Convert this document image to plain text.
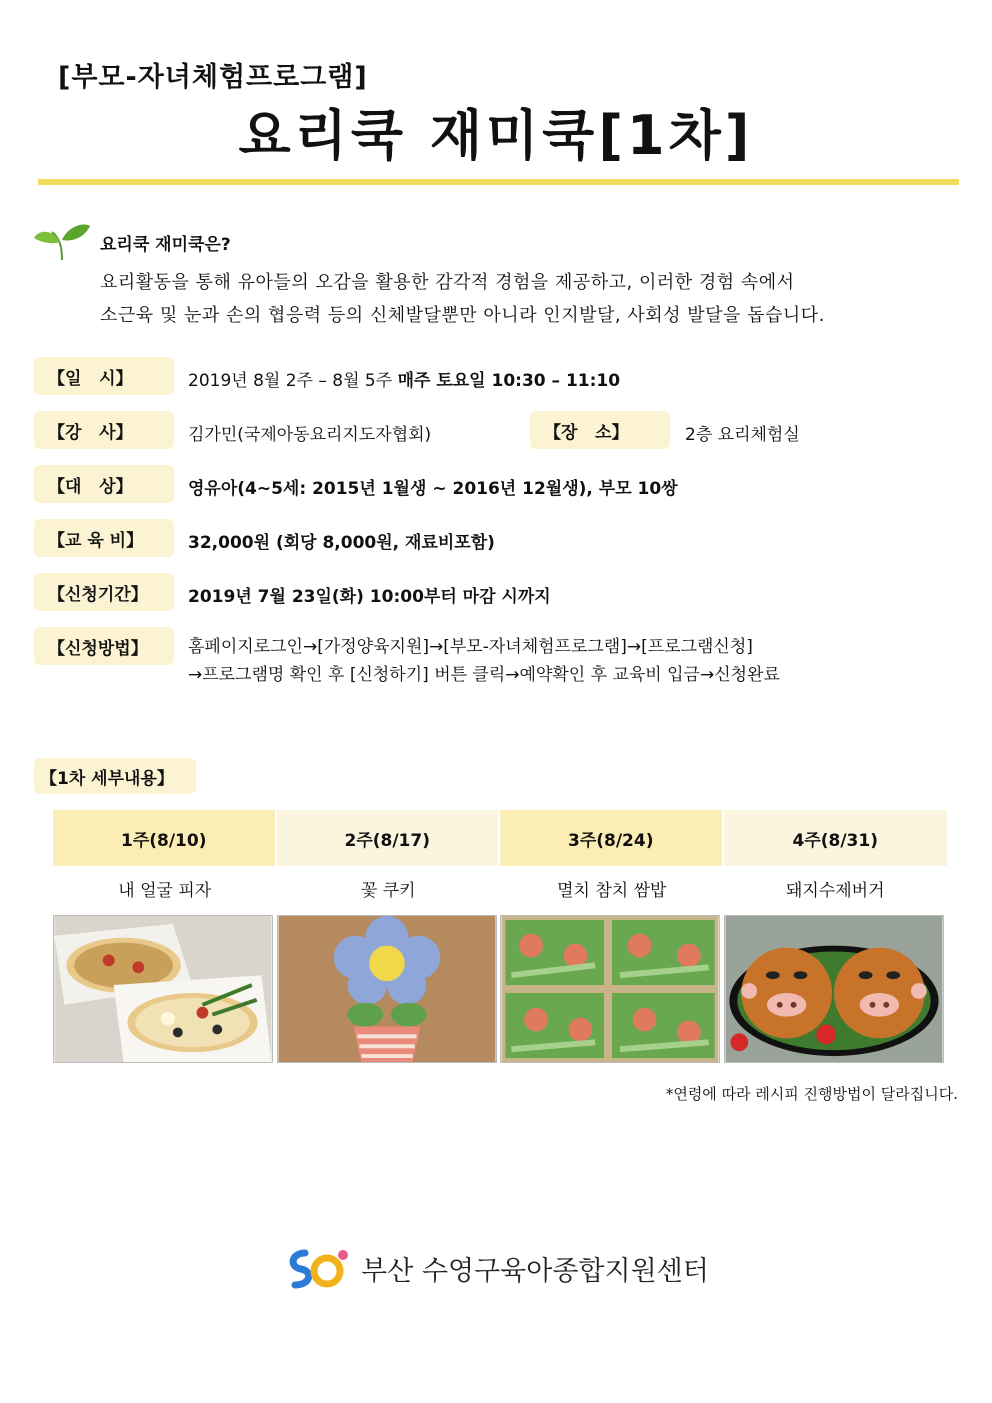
[부모-자녀체험프로그램]
요리쿡 재미쿡[1차]
요리쿡 재미쿡은?
요리활동을 통해 유아들의 오감을 활용한 감각적 경험을 제공하고, 이러한 경험 속에서
소근육 및 눈과 손의 협응력 등의 신체발달뿐만 아니라 인지발달, 사회성 발달을 돕습니다.
【일   시】	2019년 8월 2주 – 8월 5주 매주 토요일 10:30 – 11:10
【강   사】	김가민(국제아동요리지도자협회)	【장   소】	2층 요리체험실
【대   상】	영유아(4~5세: 2015년 1월생 ~ 2016년 12월생), 부모 10쌍
【교 육 비】	32,000원 (회당 8,000원, 재료비포함)
【신청기간】 2019년 7월 23일(화) 10:00부터 마감 시까지
【신청방법】 홈페이지로그인→[가정양육지원]→[부모-자녀체험프로그램]→[프로그램신청]
→프로그램명 확인 후 [신청하기] 버튼 클릭→예약확인 후 교육비 입금→신청완료
【1차 세부내용】
1주(8/10)	2주(8/17)	3주(8/24)	4주(8/31)
내 얼굴 피자	꽃 쿠키	멸치 참치 쌈밥	돼지수제버거
*연령에 따라 레시피 진행방법이 달라집니다.
부산 수영구육아종합지원센터
